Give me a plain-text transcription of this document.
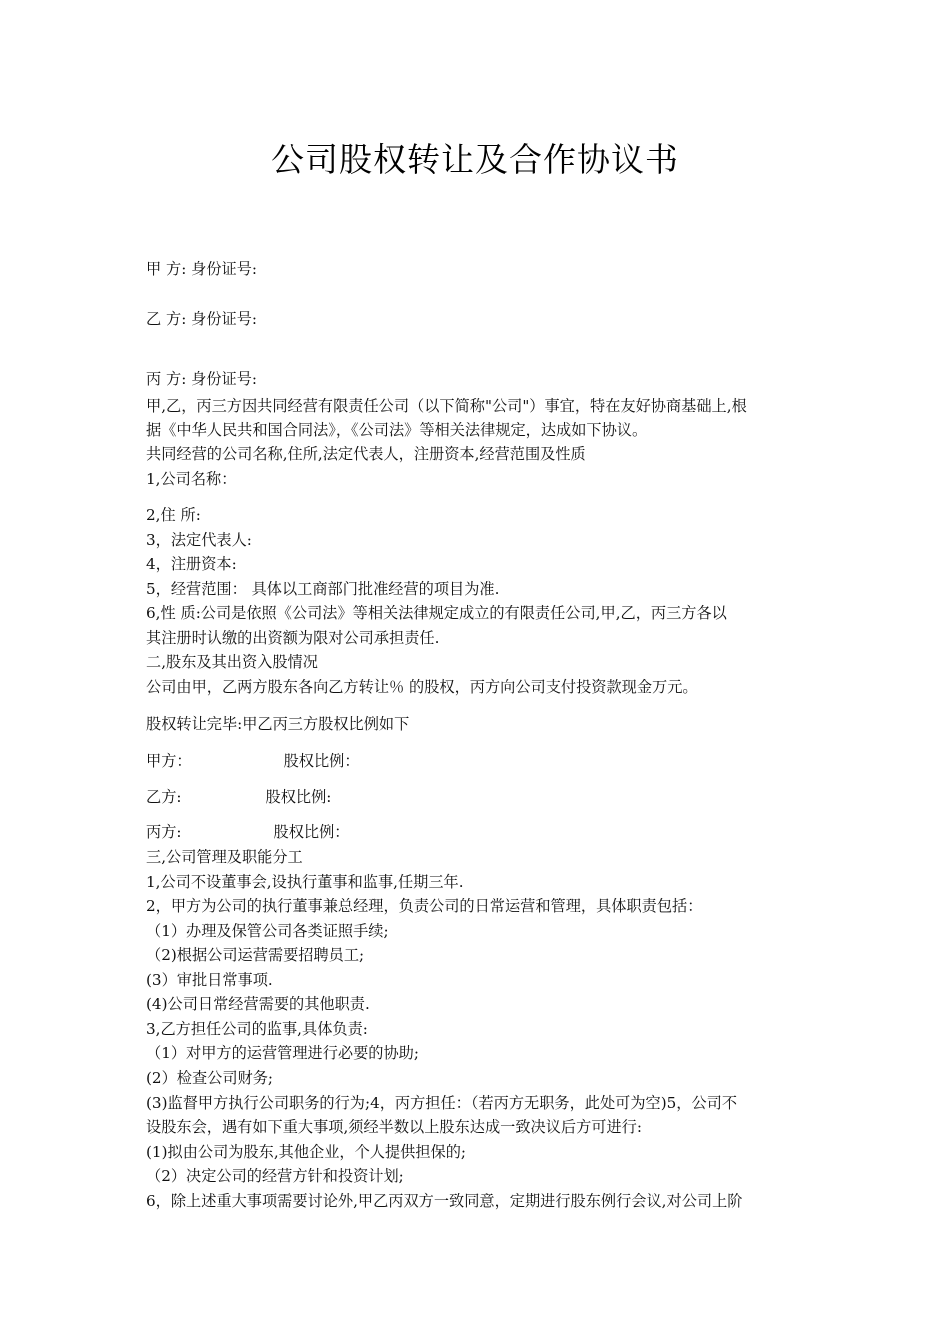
公司股权转让及合作协议书
甲 方: 身份证号:
乙 方: 身份证号:
丙 方: 身份证号:
甲,乙，丙三方因共同经营有限责任公司（以下简称"公司"）事宜，特在友好协商基础上,根
据《中华人民共和国合同法》，《公司法》等相关法律规定，达成如下协议。
共同经营的公司名称,住所,法定代表人，注册资本,经营范围及性质
1,公司名称：
2,住 所:
3，法定代表人:
4，注册资本:
5，经营范围： 具体以工商部门批准经营的项目为准.
6,性 质:公司是依照《公司法》等相关法律规定成立的有限责任公司,甲,乙，丙三方各以
其注册时认缴的出资额为限对公司承担责任.
二,股东及其出资入股情况
公司由甲，乙两方股东各向乙方转让％ 的股权，丙方向公司支付投资款现金万元。
股权转让完毕:甲乙丙三方股权比例如下
甲方：	股权比例：
乙方:	股权比例:
丙方:	股权比例：
三,公司管理及职能分工
1,公司不设董事会,设执行董事和监事,任期三年.
2，甲方为公司的执行董事兼总经理，负责公司的日常运营和管理，具体职责包括：
（1）办理及保管公司各类证照手续;
（2)根据公司运营需要招聘员工;
(3）审批日常事项.
(4)公司日常经营需要的其他职责.
3,乙方担任公司的监事,具体负责:
（1）对甲方的运营管理进行必要的协助;
(2）检查公司财务;
(3)监督甲方执行公司职务的行为;4，丙方担任：（若丙方无职务，此处可为空)5，公司不
设股东会，遇有如下重大事项,须经半数以上股东达成一致决议后方可进行:
(1)拟由公司为股东,其他企业，个人提供担保的;
（2）决定公司的经营方针和投资计划;
6，除上述重大事项需要讨论外,甲乙丙双方一致同意，定期进行股东例行会议,对公司上阶
